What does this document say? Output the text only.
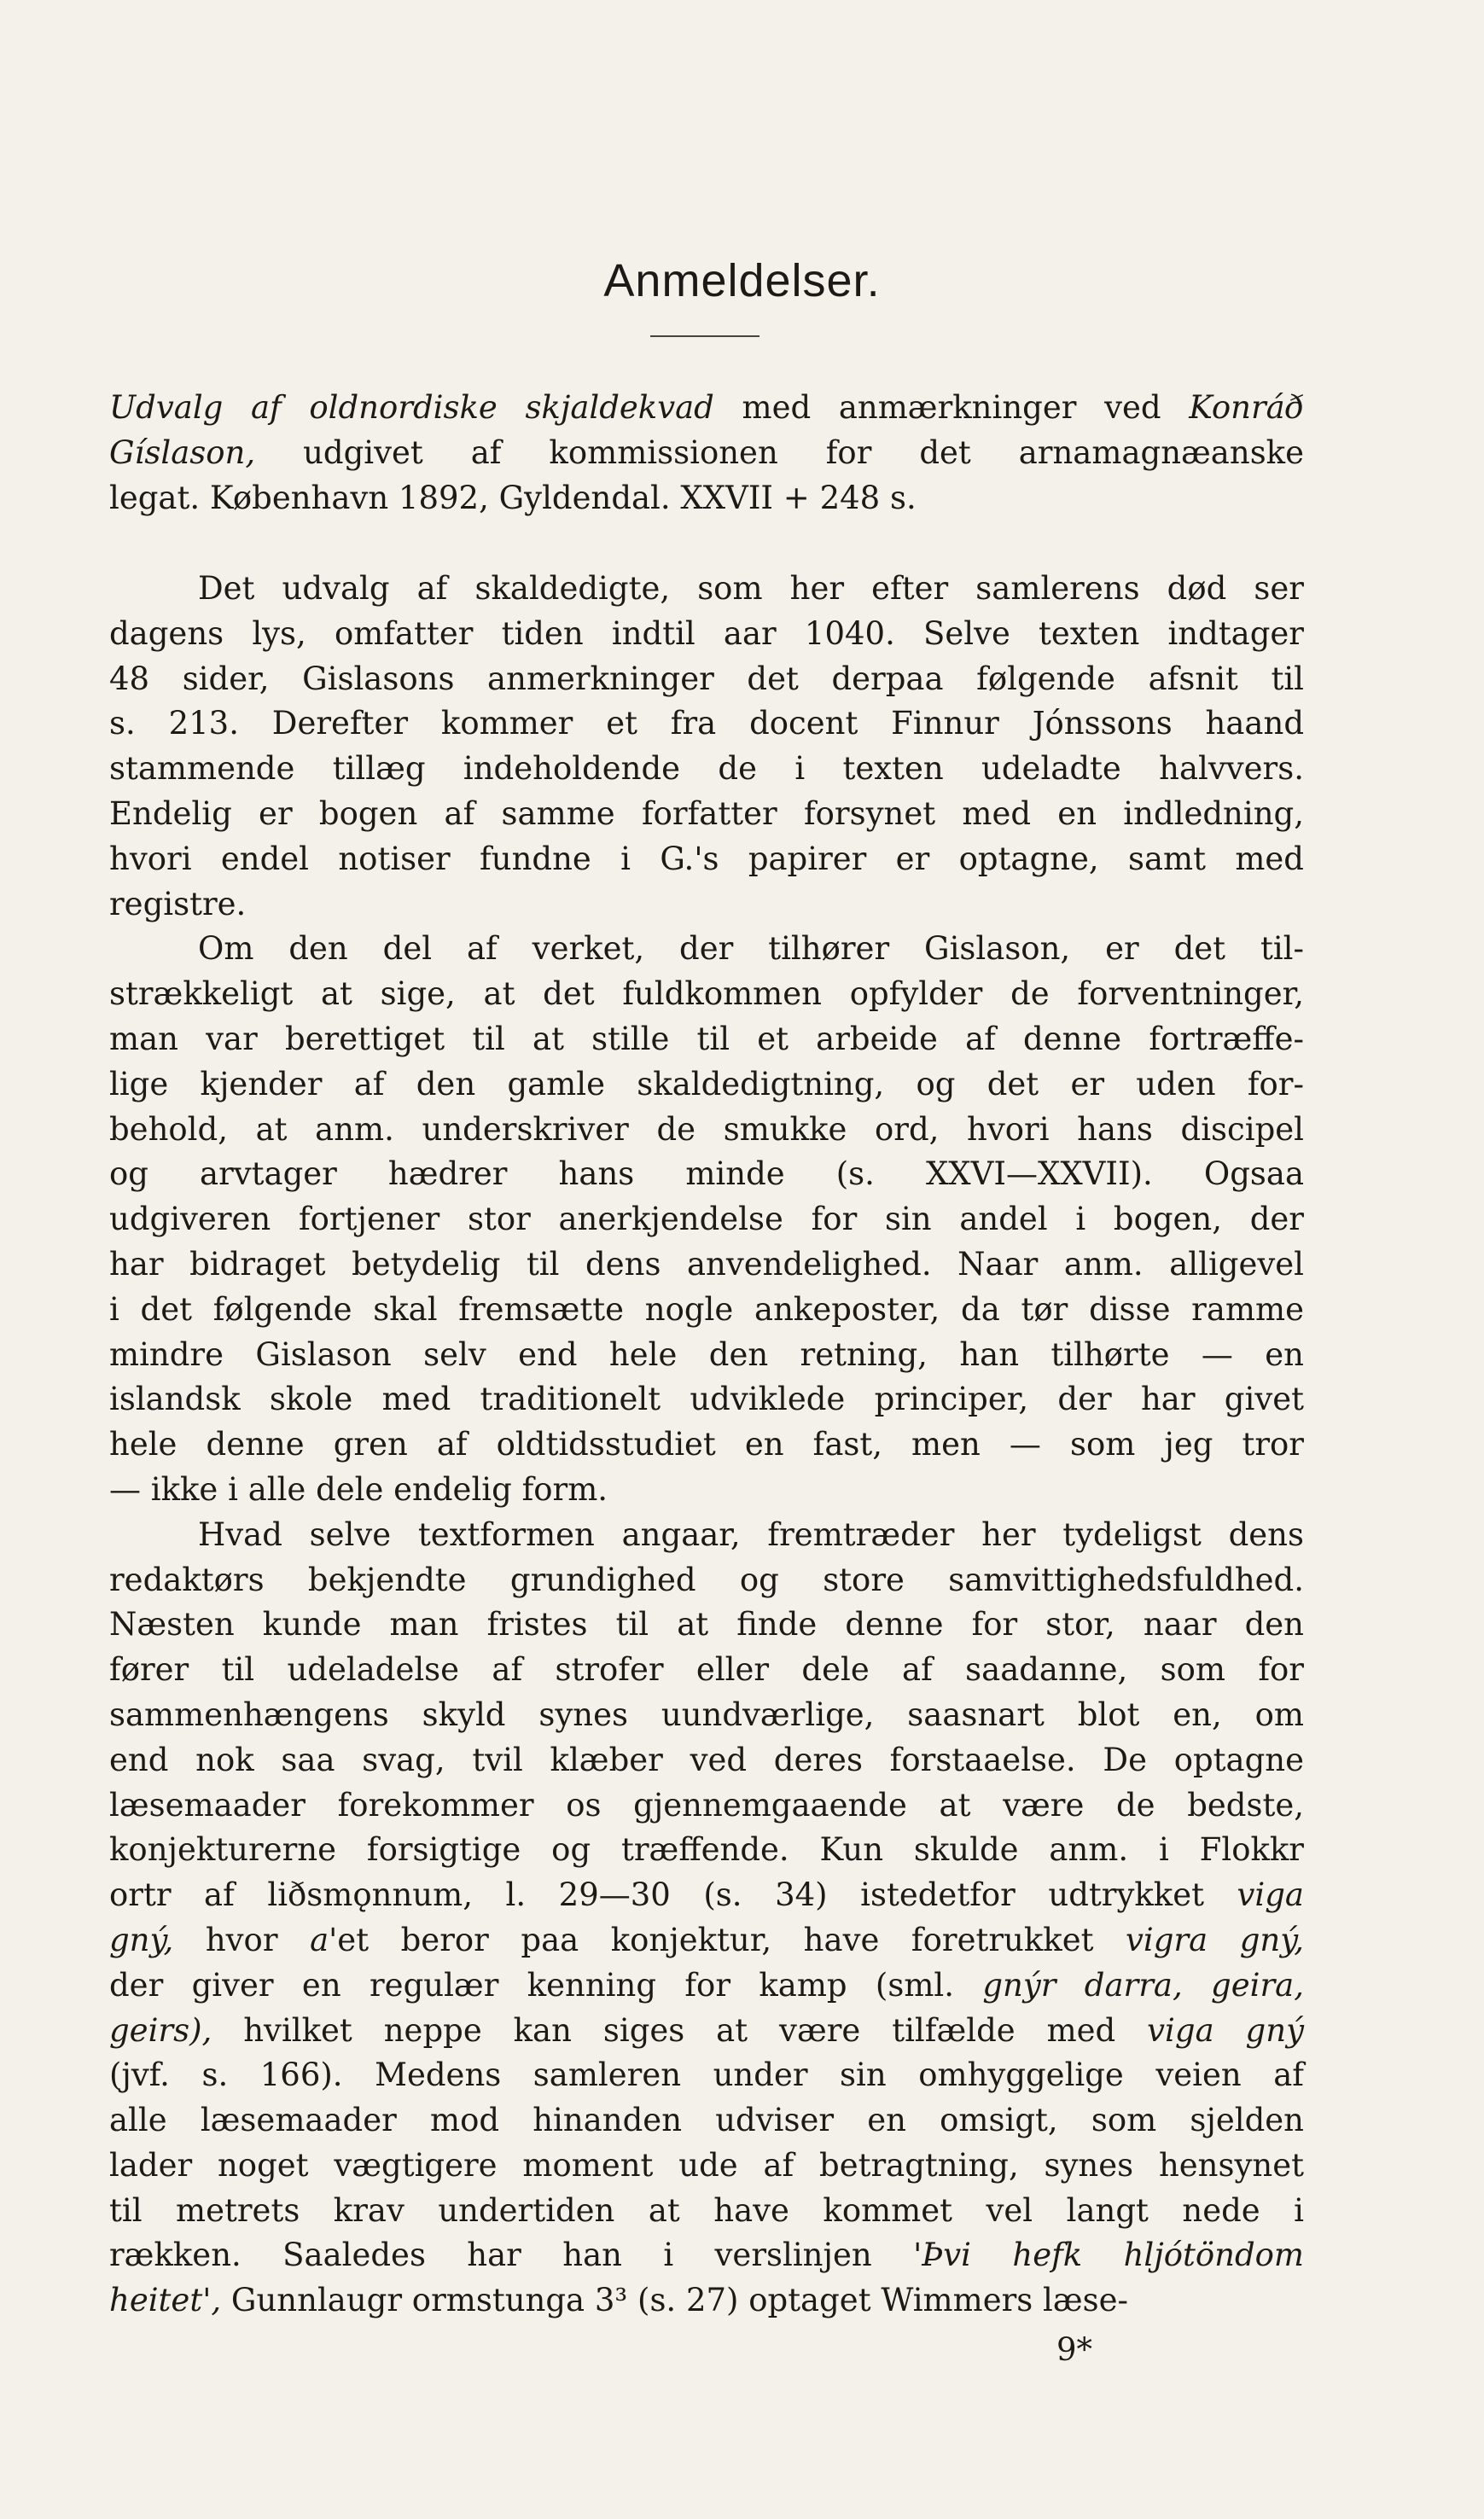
Anmeldelser.
Udvalg af oldnordiske skjaldekvad med anmærkninger ved Konráð
Gíslason, udgivet af kommissionen for det arnamagnæanske
legat. København 1892, Gyldendal. XXVII + 248 s.
Det udvalg af skaldedigte, som her efter samlerens død ser
dagens lys, omfatter tiden indtil aar 1040. Selve texten indtager
48 sider, Gislasons anmerkninger det derpaa følgende afsnit til
s. 213. Derefter kommer et fra docent Finnur Jónssons haand
stammende tillæg indeholdende de i texten udeladte halvvers.
Endelig er bogen af samme forfatter forsynet med en indledning,
hvori endel notiser fundne i G.'s papirer er optagne, samt med
registre.
Om den del af verket, der tilhører Gislason, er det til-
strækkeligt at sige, at det fuldkommen opfylder de forventninger,
man var berettiget til at stille til et arbeide af denne fortræffe-
lige kjender af den gamle skaldedigtning, og det er uden for-
behold, at anm. underskriver de smukke ord, hvori hans discipel
og arvtager hædrer hans minde (s. XXVI—XXVII). Ogsaa
udgiveren fortjener stor anerkjendelse for sin andel i bogen, der
har bidraget betydelig til dens anvendelighed. Naar anm. alligevel
i det følgende skal fremsætte nogle ankeposter, da tør disse ramme
mindre Gislason selv end hele den retning, han tilhørte — en
islandsk skole med traditionelt udviklede principer, der har givet
hele denne gren af oldtidsstudiet en fast, men — som jeg tror
— ikke i alle dele endelig form.
Hvad selve textformen angaar, fremtræder her tydeligst dens
redaktørs bekjendte grundighed og store samvittighedsfuldhed.
Næsten kunde man fristes til at finde denne for stor, naar den
fører til udeladelse af strofer eller dele af saadanne, som for
sammenhængens skyld synes uundværlige, saasnart blot en, om
end nok saa svag, tvil klæber ved deres forstaaelse. De optagne
læsemaader forekommer os gjennemgaaende at være de bedste,
konjekturerne forsigtige og træffende. Kun skulde anm. i Flokkr
ortr af liðsmǫnnum, l. 29—30 (s. 34) istedetfor udtrykket viga
gný, hvor a'et beror paa konjektur, have foretrukket vigra gný,
der giver en regulær kenning for kamp (sml. gnýr darra, geira,
geirs), hvilket neppe kan siges at være tilfælde med viga gný
(jvf. s. 166). Medens samleren under sin omhyggelige veien af
alle læsemaader mod hinanden udviser en omsigt, som sjelden
lader noget vægtigere moment ude af betragtning, synes hensynet
til metrets krav undertiden at have kommet vel langt nede i
rækken. Saaledes har han i verslinjen 'Þvi hefk hljótöndom
heitet', Gunnlaugr ormstunga 3³ (s. 27) optaget Wimmers læse-
9*
